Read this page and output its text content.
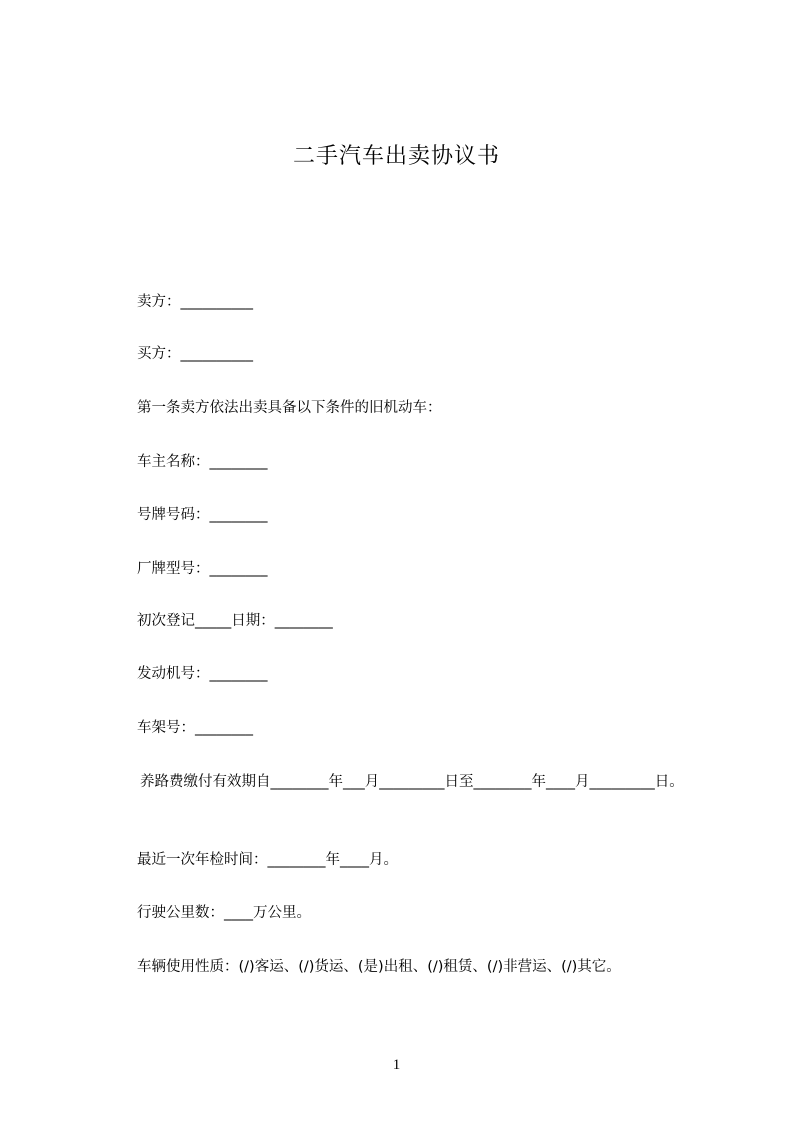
二手汽车出卖协议书
卖方：__________
买方：__________
第一条卖方依法出卖具备以下条件的旧机动车：
车主名称：________
号牌号码：________
厂牌型号：________
初次登记_____日期：________
发动机号：________
车架号：________
养路费缴付有效期自________年___月_________日至________年____月_________日。
最近一次年检时间：________年____月。
行驶公里数：____万公里。
车辆使用性质：(/)客运、(/)货运、(是)出租、(/)租赁、(/)非营运、(/)其它。
1
